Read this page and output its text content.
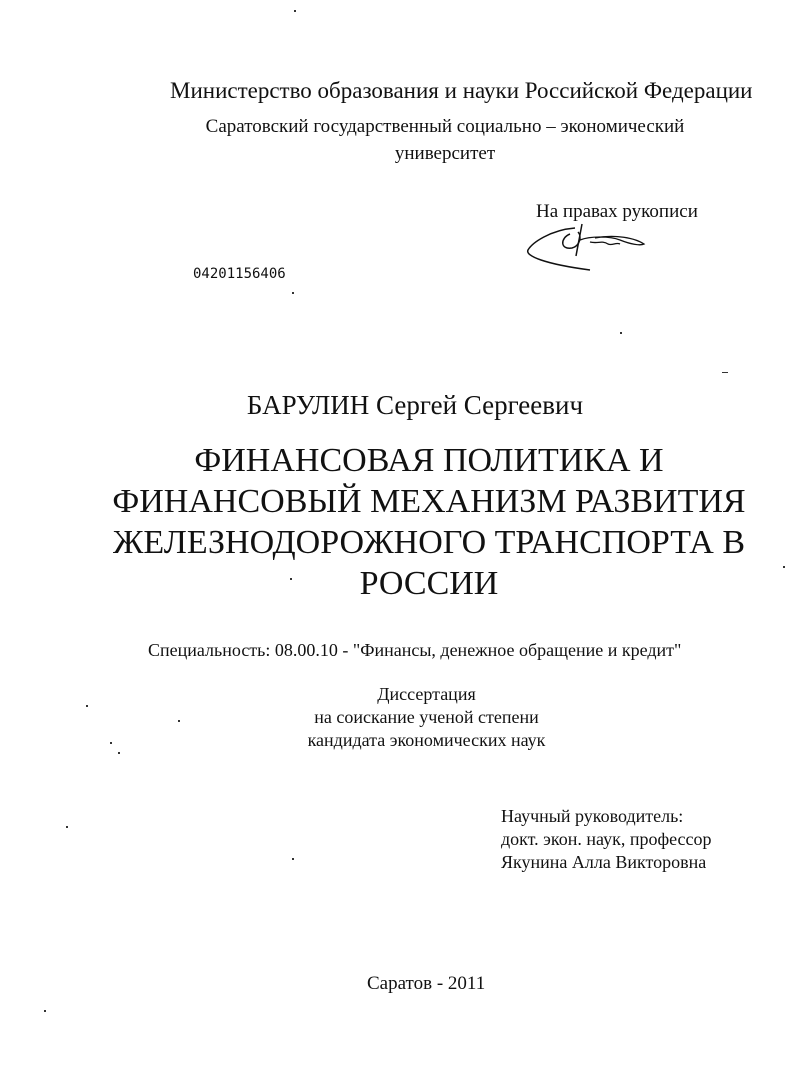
Министерство образования и науки Российской Федерации
Саратовский государственный социально – экономический
университет
На правах рукописи
04201156406
БАРУЛИН Сергей Сергеевич
ФИНАНСОВАЯ ПОЛИТИКА И
ФИНАНСОВЫЙ МЕХАНИЗМ РАЗВИТИЯ
ЖЕЛЕЗНОДОРОЖНОГО ТРАНСПОРТА В
РОССИИ
Специальность: 08.00.10 - "Финансы, денежное обращение и кредит"
Диссертация
на соискание ученой степени
кандидата экономических наук
Научный руководитель:
докт. экон. наук, профессор
Якунина Алла Викторовна
Саратов - 2011
